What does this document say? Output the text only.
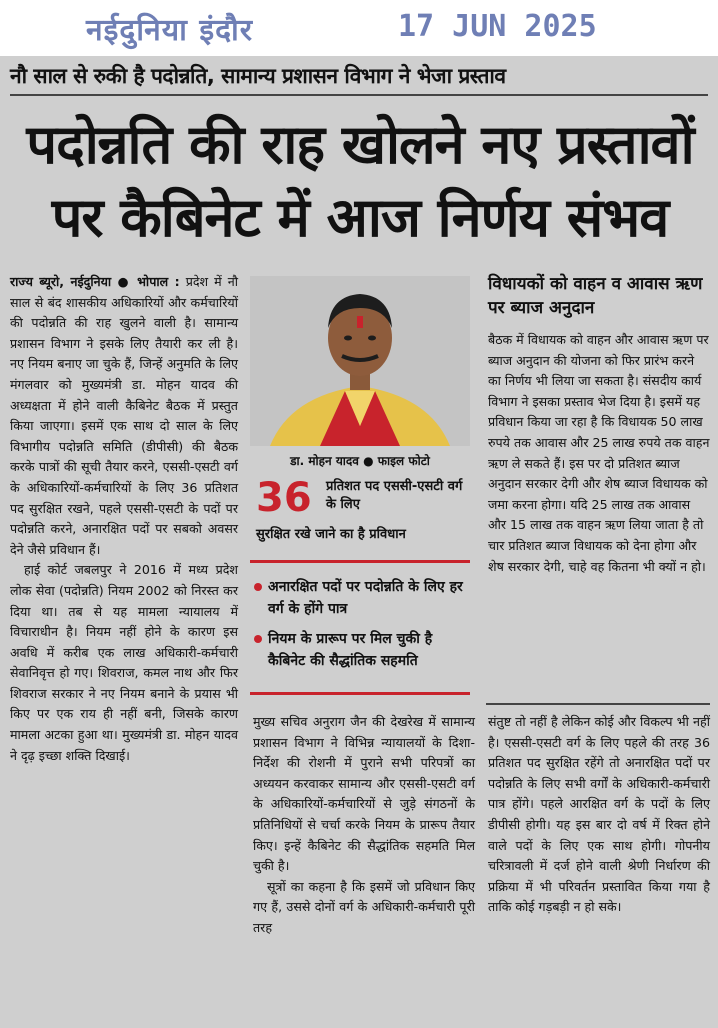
नईदुनिया इंदौर	17 JUN 2025
नौ साल से रुकी है पदोन्नति, सामान्य प्रशासन विभाग ने भेजा प्रस्ताव
पदोन्नति की राह खोलने नए प्रस्तावों
पर कैबिनेट में आज निर्णय संभव

राज्य ब्यूरो, नईदुनिया ● भोपाल : प्रदेश में नौ साल से बंद शासकीय अधिकारियों और कर्मचारियों की पदोन्नति की राह खुलने वाली है। सामान्य प्रशासन विभाग ने इसके लिए तैयारी कर ली है। नए नियम बनाए जा चुके हैं, जिन्हें अनुमति के लिए मंगलवार को मुख्यमंत्री डा. मोहन यादव की अध्यक्षता में होने वाली कैबिनेट बैठक में प्रस्तुत किया जाएगा। इसमें एक साथ दो साल के लिए विभागीय पदोन्नति समिति (डीपीसी) की बैठक करके पात्रों की सूची तैयार करने, एससी-एसटी वर्ग के अधिकारियों-कर्मचारियों के लिए 36 प्रतिशत पद सुरक्षित रखने, पहले एससी-एसटी के पदों पर पदोन्नति करने, अनारक्षित पदों पर सबको अवसर देने जैसे प्रविधान हैं।

हाई कोर्ट जबलपुर ने 2016 में मध्य प्रदेश लोक सेवा (पदोन्नति) नियम 2002 को निरस्त कर दिया था। तब से यह मामला न्यायालय में विचाराधीन है। नियम नहीं होने के कारण इस अवधि में करीब एक लाख अधिकारी-कर्मचारी सेवानिवृत्त हो गए। शिवराज, कमल नाथ और फिर शिवराज सरकार ने नए नियम बनाने के प्रयास भी किए पर एक राय ही नहीं बनी, जिसके कारण मामला अटका हुआ था। मुख्यमंत्री डा. मोहन यादव ने दृढ़ इच्छा शक्ति दिखाई।

डा. मोहन यादव ● फाइल फोटो
36 प्रतिशत पद एससी-एसटी वर्ग के लिए
सुरक्षित रखे जाने का है प्रविधान
अनारक्षित पदों पर पदोन्नति के लिए हर वर्ग के होंगे पात्र
नियम के प्रारूप पर मिल चुकी है कैबिनेट की सैद्धांतिक सहमति

मुख्य सचिव अनुराग जैन की देखरेख में सामान्य प्रशासन विभाग ने विभिन्न न्यायालयों के दिशा-निर्देश की रोशनी में पुराने सभी परिपत्रों का अध्ययन करवाकर सामान्य और एससी-एसटी वर्ग के अधिकारियों-कर्मचारियों से जुड़े संगठनों के प्रतिनिधियों से चर्चा करके नियम के प्रारूप तैयार किए। इन्हें कैबिनेट की सैद्धांतिक सहमति मिल चुकी है।

सूत्रों का कहना है कि इसमें जो प्रविधान किए गए हैं, उससे दोनों वर्ग के अधिकारी-कर्मचारी पूरी तरह

विधायकों को वाहन व आवास ऋण पर ब्याज अनुदान

बैठक में विधायक को वाहन और आवास ऋण पर ब्याज अनुदान की योजना को फिर प्रारंभ करने का निर्णय भी लिया जा सकता है। संसदीय कार्य विभाग ने इसका प्रस्ताव भेज दिया है। इसमें यह प्रविधान किया जा रहा है कि विधायक 50 लाख रुपये तक आवास और 25 लाख रुपये तक वाहन ऋण ले सकते हैं। इस पर दो प्रतिशत ब्याज अनुदान सरकार देगी और शेष ब्याज विधायक को जमा करना होगा। यदि 25 लाख तक आवास और 15 लाख तक वाहन ऋण लिया जाता है तो चार प्रतिशत ब्याज विधायक को देना होगा और शेष सरकार देगी, चाहे वह कितना भी क्यों न हो।

संतुष्ट तो नहीं है लेकिन कोई और विकल्प भी नहीं है। एससी-एसटी वर्ग के लिए पहले की तरह 36 प्रतिशत पद सुरक्षित रहेंगे तो अनारक्षित पदों पर पदोन्नति के लिए सभी वर्गों के अधिकारी-कर्मचारी पात्र होंगे। पहले आरक्षित वर्ग के पदों के लिए डीपीसी होगी। यह इस बार दो वर्ष में रिक्त होने वाले पदों के लिए एक साथ होगी। गोपनीय चरित्रावली में दर्ज होने वाली श्रेणी निर्धारण की प्रक्रिया में भी परिवर्तन प्रस्तावित किया गया है ताकि कोई गड़बड़ी न हो सके।
